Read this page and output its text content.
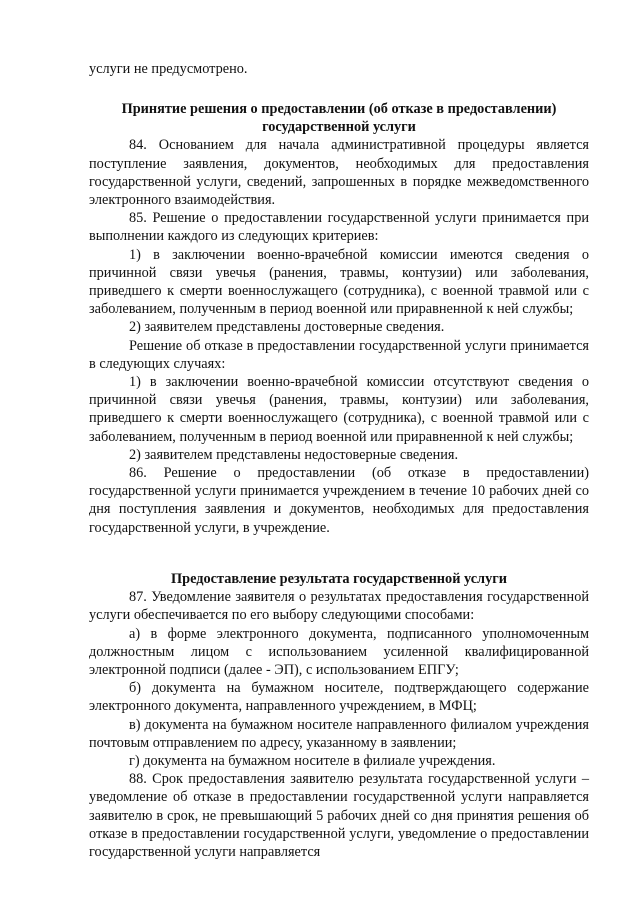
услуги не предусмотрено.

Принятие решения о предоставлении (об отказе в предоставлении) государственной услуги

84. Основанием для начала административной процедуры является поступление заявления, документов, необходимых для предоставления государственной услуги, сведений, запрошенных в порядке межведомственного электронного взаимодействия.

85. Решение о предоставлении государственной услуги принимается при выполнении каждого из следующих критериев:

1) в заключении военно-врачебной комиссии имеются сведения о причинной связи увечья (ранения, травмы, контузии) или заболевания, приведшего к смерти военнослужащего (сотрудника), с военной травмой или с заболеванием, полученным в период военной или приравненной к ней службы;

2) заявителем представлены достоверные сведения.

Решение об отказе в предоставлении государственной услуги принимается в следующих случаях:

1) в заключении военно-врачебной комиссии отсутствуют сведения о причинной связи увечья (ранения, травмы, контузии) или заболевания, приведшего к смерти военнослужащего (сотрудника), с военной травмой или с заболеванием, полученным в период военной или приравненной к ней службы;

2) заявителем представлены недостоверные сведения.

86. Решение о предоставлении (об отказе в предоставлении) государственной услуги принимается учреждением в течение 10 рабочих дней со дня поступления заявления и документов, необходимых для предоставления государственной услуги, в учреждение.

Предоставление результата государственной услуги

87. Уведомление заявителя о результатах предоставления государственной услуги обеспечивается по его выбору следующими способами:

а) в форме электронного документа, подписанного уполномоченным должностным лицом с использованием усиленной квалифицированной электронной подписи (далее - ЭП), с использованием ЕПГУ;

б) документа на бумажном носителе, подтверждающего содержание электронного документа, направленного учреждением, в МФЦ;

в) документа на бумажном носителе направленного филиалом учреждения почтовым отправлением по адресу, указанному в заявлении;

г) документа на бумажном носителе в филиале учреждения.

88. Срок предоставления заявителю результата государственной услуги – уведомление об отказе в предоставлении государственной услуги направляется заявителю в срок, не превышающий 5 рабочих дней со дня принятия решения об отказе в предоставлении государственной услуги, уведомление о предоставлении государственной услуги направляется
